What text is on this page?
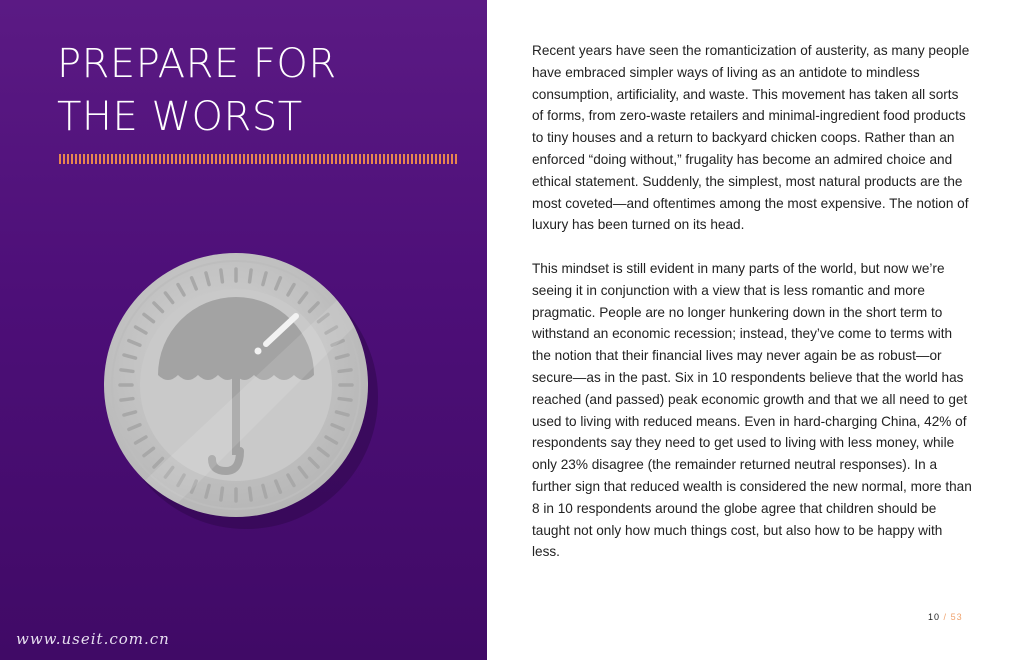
PREPARE FOR
THE WORST
www.useit.com.cn

Recent years have seen the romanticization of austerity, as many people have embraced simpler ways of living as an antidote to mindless consumption, artificiality, and waste. This movement has taken all sorts of forms, from zero-waste retailers and minimal-ingredient food products to tiny houses and a return to backyard chicken coops. Rather than an enforced “doing without,” frugality has become an admired choice and ethical statement. Suddenly, the simplest, most natural products are the most coveted—and oftentimes among the most expensive. The notion of luxury has been turned on its head.

This mindset is still evident in many parts of the world, but now we’re seeing it in conjunction with a view that is less romantic and more pragmatic. People are no longer hunkering down in the short term to withstand an economic recession; instead, they’ve come to terms with the notion that their financial lives may never again be as robust—or secure—as in the past. Six in 10 respondents believe that the world has reached (and passed) peak economic growth and that we all need to get used to living with reduced means. Even in hard-charging China, 42% of respondents say they need to get used to living with less money, while only 23% disagree (the remainder returned neutral responses). In a further sign that reduced wealth is considered the new normal, more than 8 in 10 respondents around the globe agree that children should be taught not only how much things cost, but also how to be happy with less.

10 / 53
